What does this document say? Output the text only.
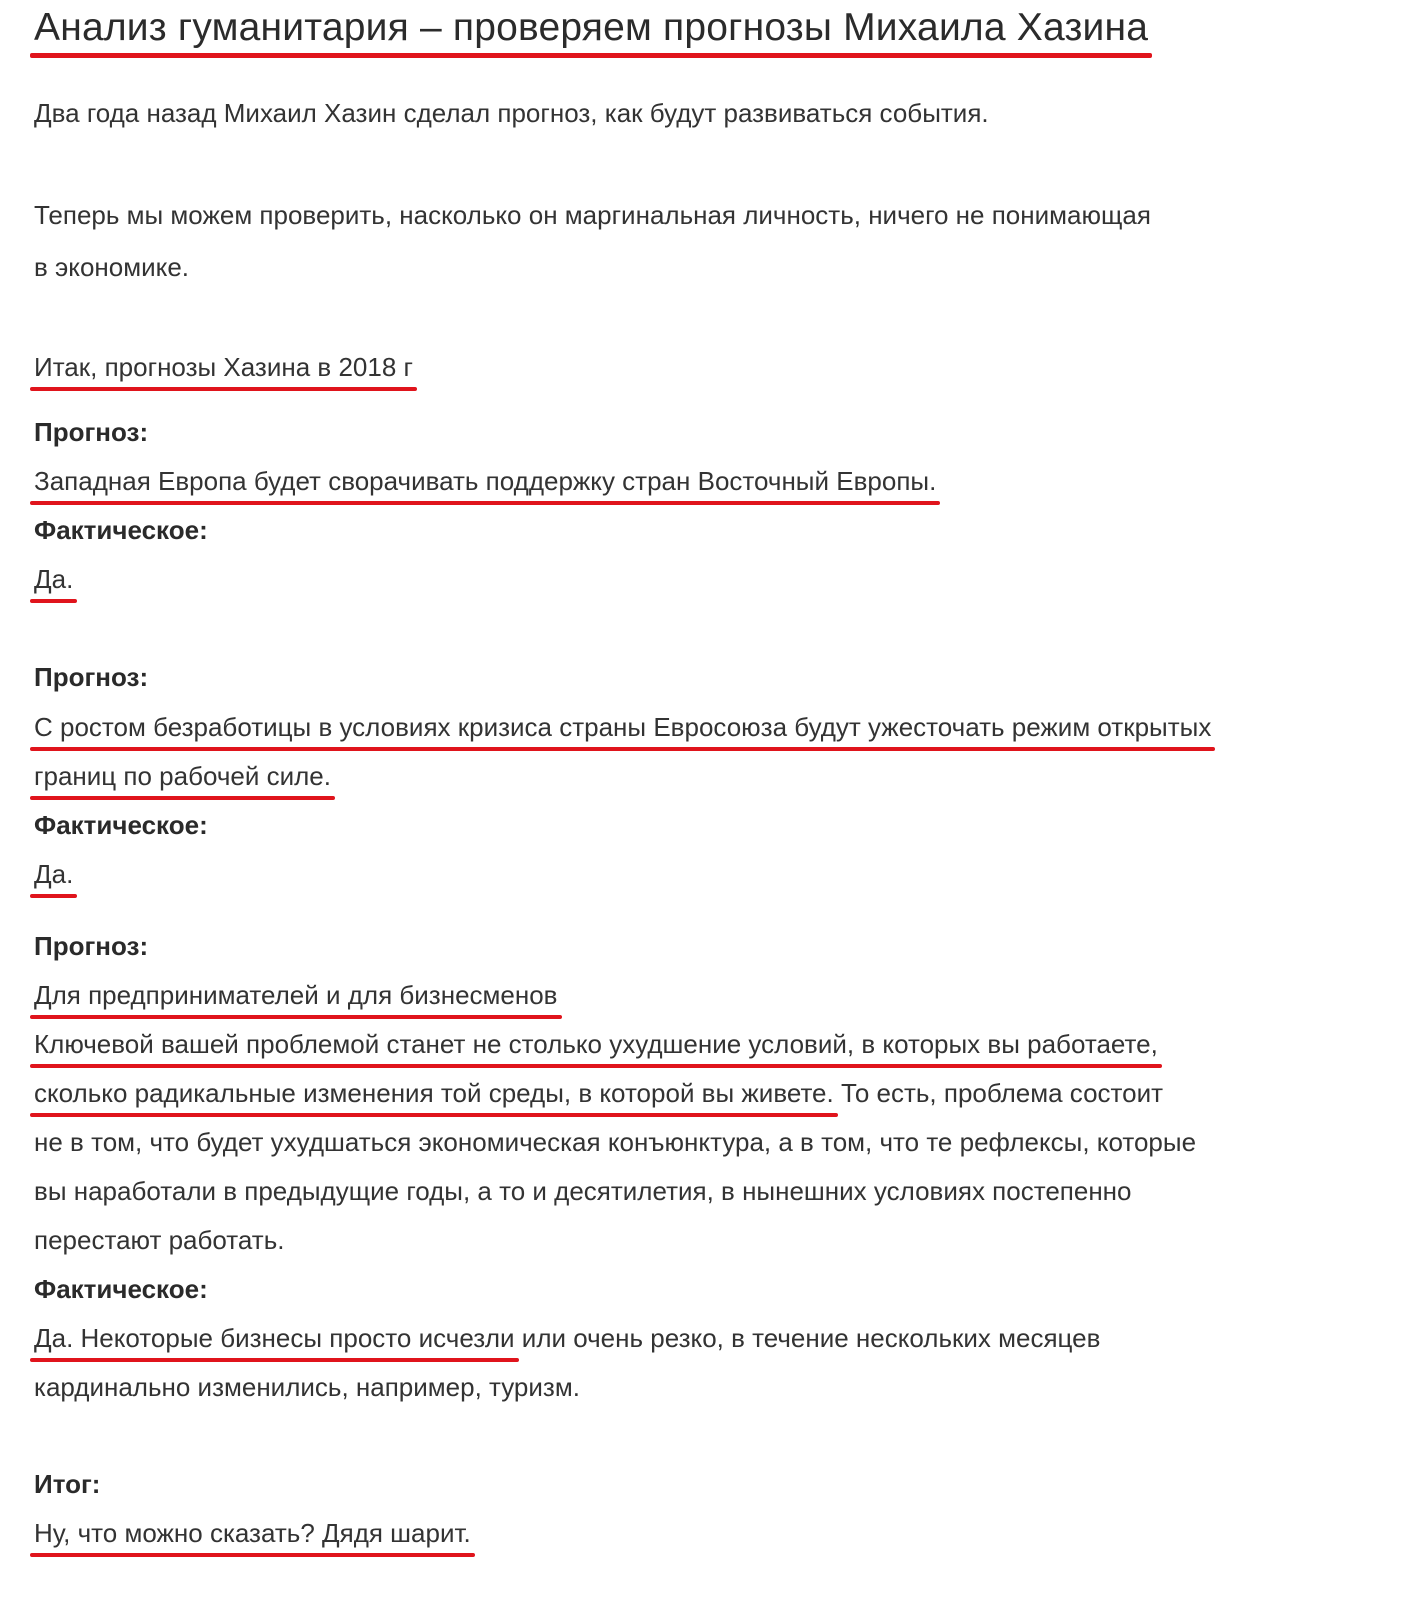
Анализ гуманитария – проверяем прогнозы Михаила Хазина
Два года назад Михаил Хазин сделал прогноз, как будут развиваться события.
Теперь мы можем проверить, насколько он маргинальная личность, ничего не понимающая
в экономике.
Итак, прогнозы Хазина в 2018 г
Прогноз:
Западная Европа будет сворачивать поддержку стран Восточный Европы.
Фактическое:
Да.
Прогноз:
С ростом безработицы в условиях кризиса страны Евросоюза будут ужесточать режим открытых
границ по рабочей силе.
Фактическое:
Да.
Прогноз:
Для предпринимателей и для бизнесменов
Ключевой вашей проблемой станет не столько ухудшение условий, в которых вы работаете,
сколько радикальные изменения той среды, в которой вы живете. То есть, проблема состоит
не в том, что будет ухудшаться экономическая конъюнктура, а в том, что те рефлексы, которые
вы наработали в предыдущие годы, а то и десятилетия, в нынешних условиях постепенно
перестают работать.
Фактическое:
Да. Некоторые бизнесы просто исчезли или очень резко, в течение нескольких месяцев
кардинально изменились, например, туризм.
Итог:
Ну, что можно сказать? Дядя шарит.
